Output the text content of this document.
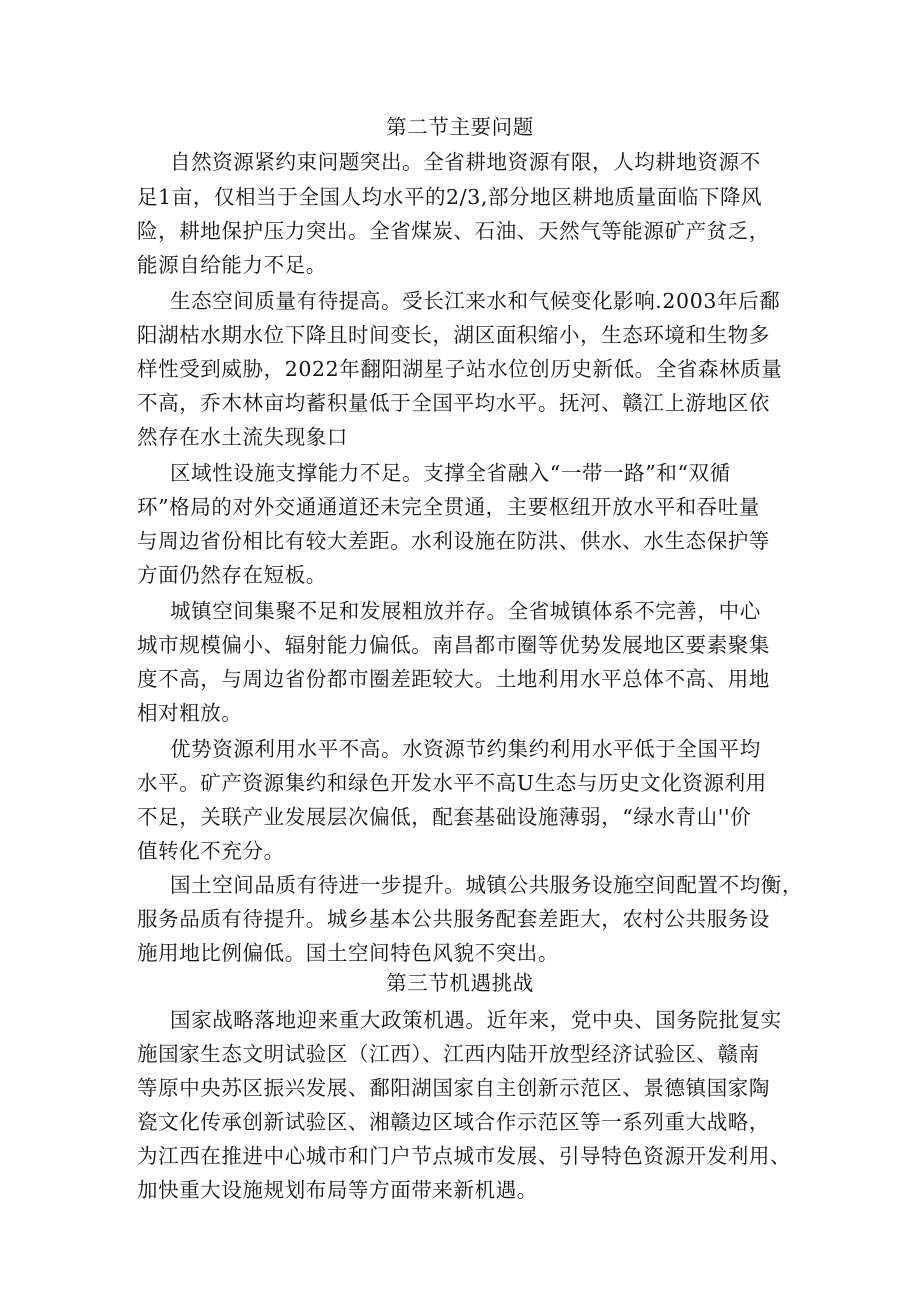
第二节主要问题
自然资源紧约束问题突出。全省耕地资源有限，人均耕地资源不
足1亩，仅相当于全国人均水平的2/3,部分地区耕地质量面临下降风
险，耕地保护压力突出。全省煤炭、石油、天然气等能源矿产贫乏，
能源自给能力不足。
生态空间质量有待提高。受长江来水和气候变化影响.2003年后鄱
阳湖枯水期水位下降且时间变长，湖区面积缩小，生态环境和生物多
样性受到威胁，2022年翻阳湖星子站水位创历史新低。全省森林质量
不高，乔木林亩均蓄积量低于全国平均水平。抚河、赣江上游地区依
然存在水土流失现象口
区域性设施支撑能力不足。支撑全省融入“一带一路”和“双循
环”格局的对外交通通道还未完全贯通，主要枢纽开放水平和吞吐量
与周边省份相比有较大差距。水利设施在防洪、供水、水生态保护等
方面仍然存在短板。
城镇空间集聚不足和发展粗放并存。全省城镇体系不完善，中心
城市规模偏小、辐射能力偏低。南昌都市圈等优势发展地区要素聚集
度不高，与周边省份都市圈差距较大。土地利用水平总体不高、用地
相对粗放。
优势资源利用水平不高。水资源节约集约利用水平低于全国平均
水平。矿产资源集约和绿色开发水平不高U生态与历史文化资源利用
不足，关联产业发展层次偏低，配套基础设施薄弱，“绿水青山''价
值转化不充分。
国土空间品质有待进一步提升。城镇公共服务设施空间配置不均衡，
服务品质有待提升。城乡基本公共服务配套差距大，农村公共服务设
施用地比例偏低。国土空间特色风貌不突出。
第三节机遇挑战
国家战略落地迎来重大政策机遇。近年来，党中央、国务院批复实
施国家生态文明试验区（江西）、江西内陆开放型经济试验区、赣南
等原中央苏区振兴发展、鄱阳湖国家自主创新示范区、景德镇国家陶
瓷文化传承创新试验区、湘赣边区域合作示范区等一系列重大战略，
为江西在推进中心城市和门户节点城市发展、引导特色资源开发利用、
加快重大设施规划布局等方面带来新机遇。
